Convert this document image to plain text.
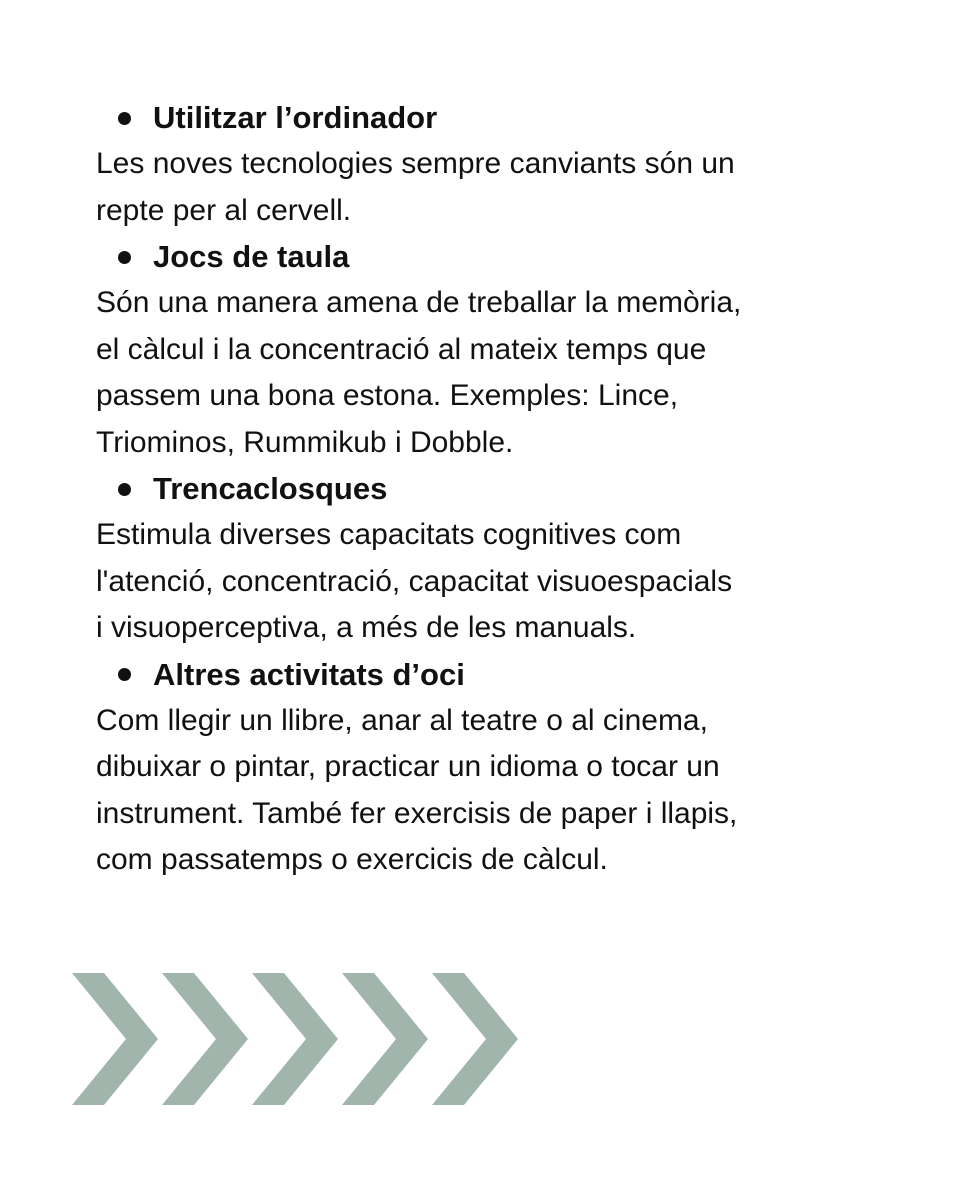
Utilitzar l’ordinador

Les noves tecnologies sempre canviants són un

repte per al cervell.

Jocs de taula

Són una manera amena de treballar la memòria,

el càlcul i la concentració al mateix temps que

passem una bona estona. Exemples: Lince,

Triominos, Rummikub i Dobble.

Trencaclosques

Estimula diverses capacitats cognitives com

l'atenció, concentració, capacitat visuoespacials

i visuoperceptiva, a més de les manuals.

Altres activitats d’oci

Com llegir un llibre, anar al teatre o al cinema,

dibuixar o pintar, practicar un idioma o tocar un

instrument. També fer exercisis de paper i llapis,

com passatemps o exercicis de càlcul.
